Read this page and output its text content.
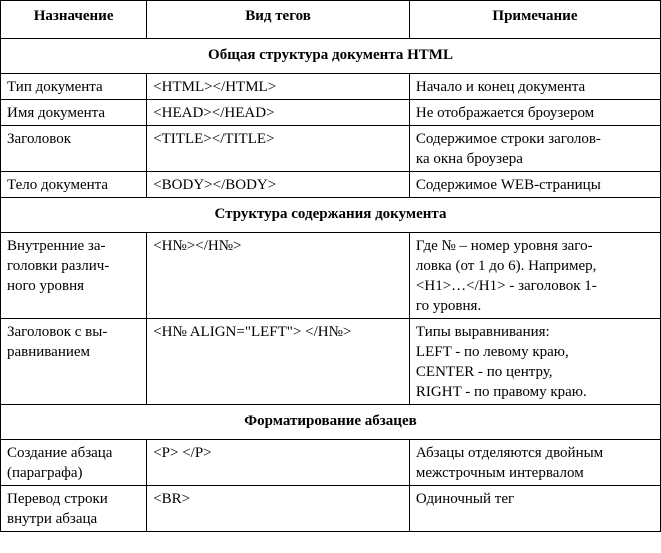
Назначение	Вид тегов	Примечание
Общая структура документа HTML		
Тип документа	<HTML></HTML>	Начало и конец документа
Имя документа	<HEAD></HEAD>	Не отображается броузером
Заголовок	<TITLE></TITLE>	Содержимое строки заголов-
ка окна броузера
Тело документа	<BODY></BODY>	Содержимое WEB-страницы
Структура содержания документа		
Внутренние за-
головки различ-
ного уровня	<H№></H№>	Где № – номер уровня заго-
ловка (от 1 до 6). Например,
<H1>…</H1> - заголовок 1-
го уровня.
Заголовок с вы-
равниванием	<H№ ALIGN="LEFT"> </H№>	Типы выравнивания:
LEFT - по левому краю,
CENTER - по центру,
RIGHT - по правому краю.
Форматирование абзацев		
Создание абзаца
(параграфа)	<P> </P>	Абзацы отделяются двойным
межстрочным интервалом
Перевод строки
внутри абзаца	<BR>	Одиночный тег
